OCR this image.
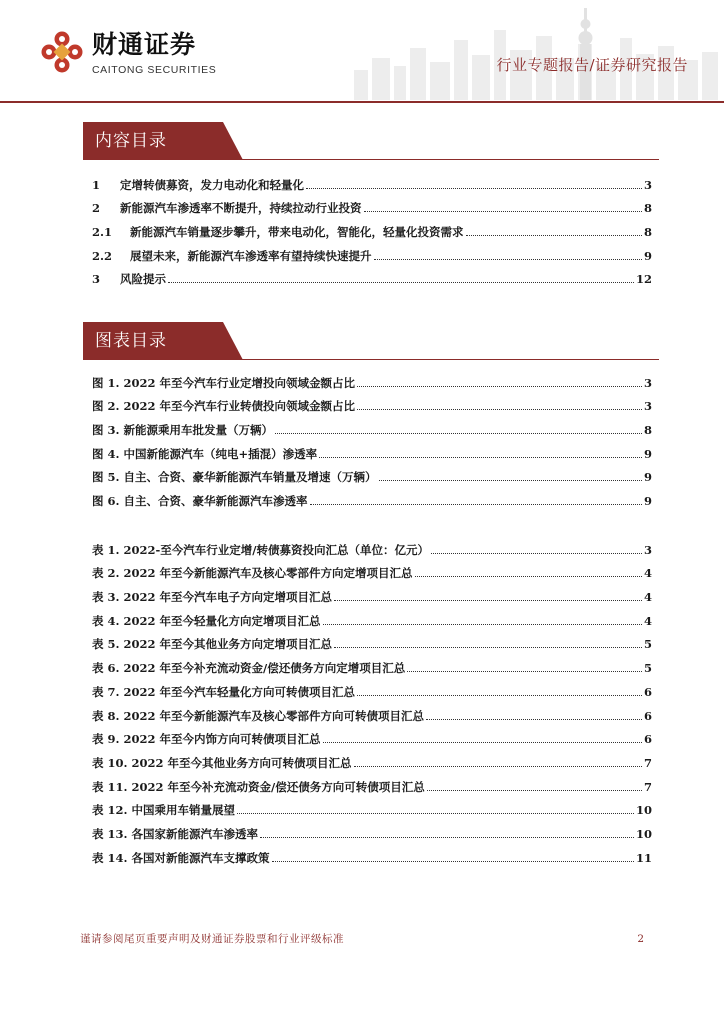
财通证券
CAITONG SECURITIES	行业专题报告/证券研究报告
内容目录
1	定增转债募资，发力电动化和轻量化	3
2	新能源汽车渗透率不断提升，持续拉动行业投资	8
2.1	新能源汽车销量逐步攀升，带来电动化，智能化，轻量化投资需求	8
2.2	展望未来，新能源汽车渗透率有望持续快速提升	9
3	风险提示	12
图表目录
图 1. 2022 年至今汽车行业定增投向领域金额占比	3
图 2. 2022 年至今汽车行业转债投向领域金额占比	3
图 3. 新能源乘用车批发量（万辆）	8
图 4. 中国新能源汽车（纯电+插混）渗透率	9
图 5. 自主、合资、豪华新能源汽车销量及增速（万辆）	9
图 6. 自主、合资、豪华新能源汽车渗透率	9
表 1. 2022-至今汽车行业定增/转债募资投向汇总（单位：亿元）	3
表 2. 2022 年至今新能源汽车及核心零部件方向定增项目汇总	4
表 3. 2022 年至今汽车电子方向定增项目汇总	4
表 4. 2022 年至今轻量化方向定增项目汇总	4
表 5. 2022 年至今其他业务方向定增项目汇总	5
表 6. 2022 年至今补充流动资金/偿还债务方向定增项目汇总	5
表 7. 2022 年至今汽车轻量化方向可转债项目汇总	6
表 8. 2022 年至今新能源汽车及核心零部件方向可转债项目汇总	6
表 9. 2022 年至今内饰方向可转债项目汇总	6
表 10. 2022 年至今其他业务方向可转债项目汇总	7
表 11. 2022 年至今补充流动资金/偿还债务方向可转债项目汇总	7
表 12. 中国乘用车销量展望	10
表 13. 各国家新能源汽车渗透率	10
表 14. 各国对新能源汽车支撑政策	11
谨请参阅尾页重要声明及财通证券股票和行业评级标准	2
